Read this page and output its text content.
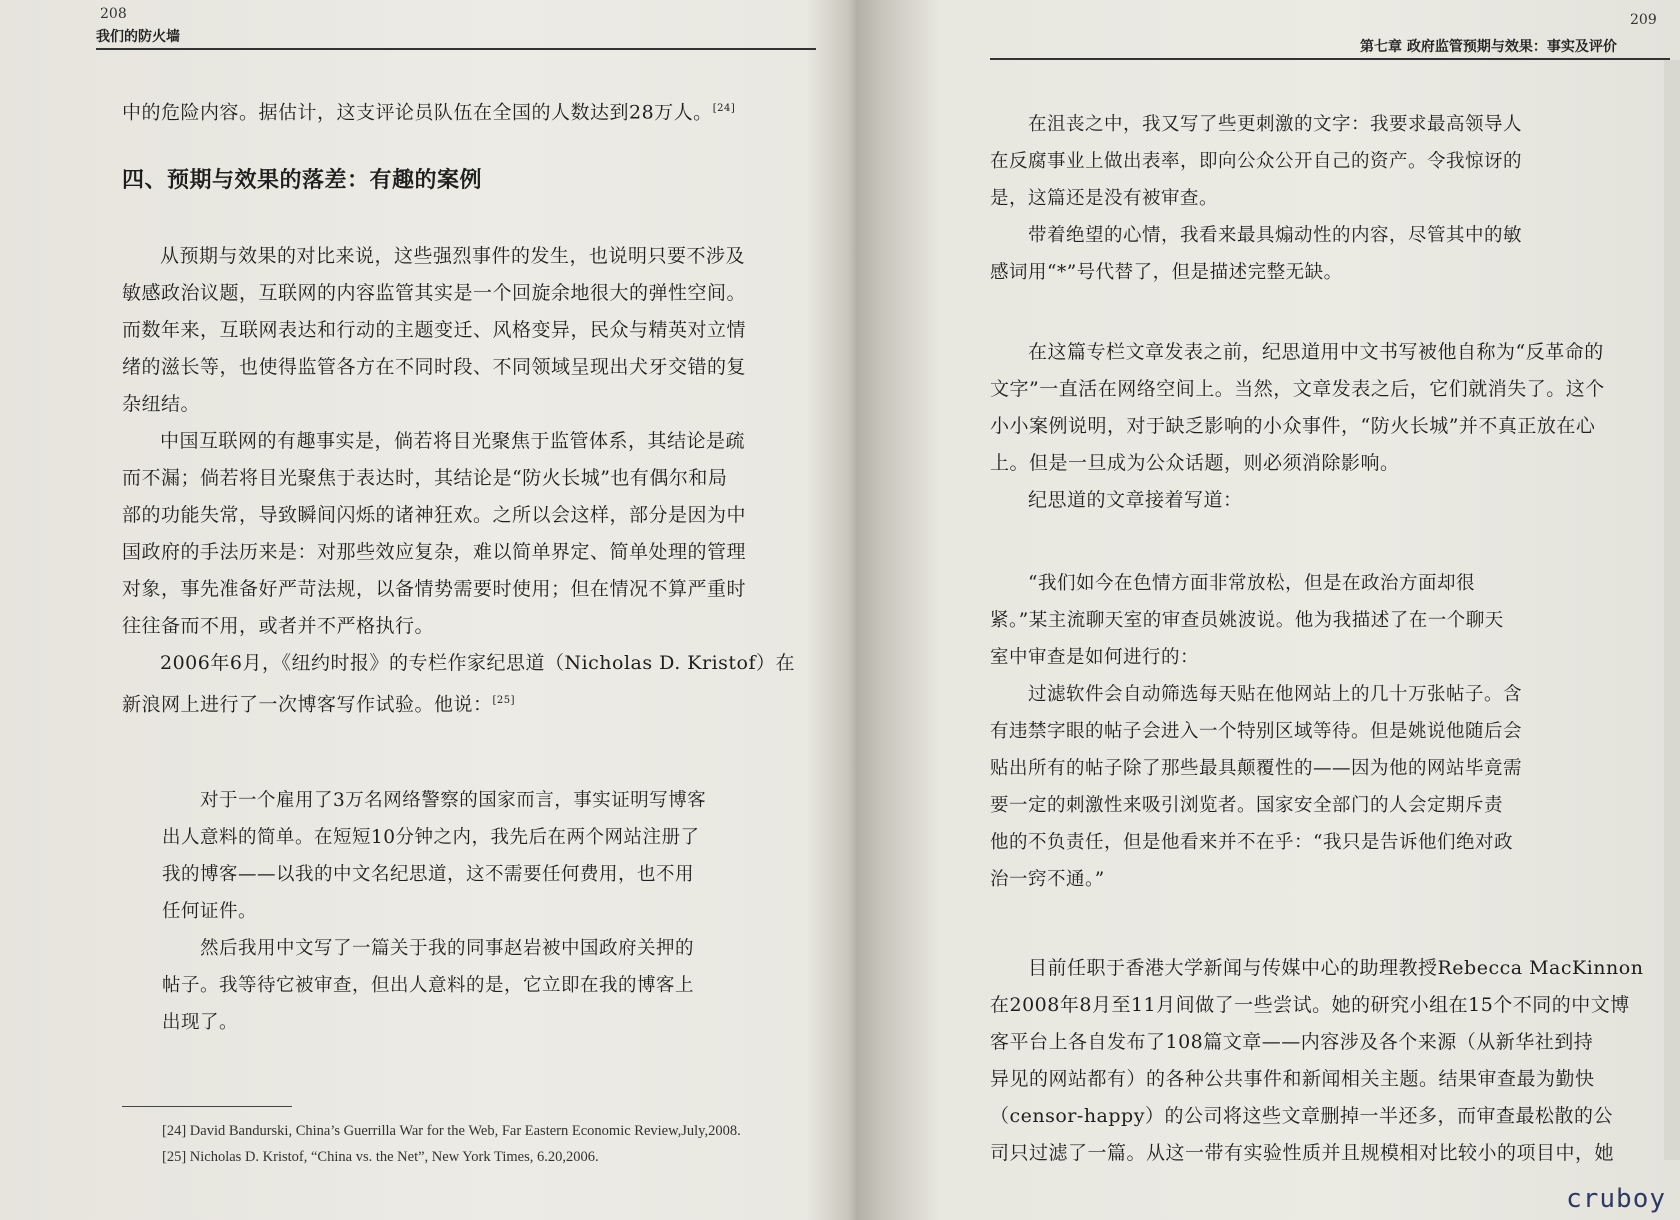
208
我们的防火墙
中的危险内容。据估计，这支评论员队伍在全国的人数达到28万人。[24]
四、预期与效果的落差：有趣的案例
从预期与效果的对比来说，这些强烈事件的发生，也说明只要不涉及
敏感政治议题，互联网的内容监管其实是一个回旋余地很大的弹性空间。
而数年来，互联网表达和行动的主题变迁、风格变异，民众与精英对立情
绪的滋长等，也使得监管各方在不同时段、不同领域呈现出犬牙交错的复
杂纽结。
中国互联网的有趣事实是，倘若将目光聚焦于监管体系，其结论是疏
而不漏；倘若将目光聚焦于表达时，其结论是“防火长城”也有偶尔和局
部的功能失常，导致瞬间闪烁的诸神狂欢。之所以会这样，部分是因为中
国政府的手法历来是：对那些效应复杂，难以简单界定、简单处理的管理
对象，事先准备好严苛法规，以备情势需要时使用；但在情况不算严重时
往往备而不用，或者并不严格执行。
2006年6月，《纽约时报》的专栏作家纪思道（Nicholas D. Kristof）在
新浪网上进行了一次博客写作试验。他说：[25]
对于一个雇用了3万名网络警察的国家而言，事实证明写博客
出人意料的简单。在短短10分钟之内，我先后在两个网站注册了
我的博客——以我的中文名纪思道，这不需要任何费用，也不用
任何证件。
然后我用中文写了一篇关于我的同事赵岩被中国政府关押的
帖子。我等待它被审查，但出人意料的是，它立即在我的博客上
出现了。
[24] David Bandurski, China’s Guerrilla War for the Web, Far Eastern Economic Review,July,2008.
[25] Nicholas D. Kristof, “China vs. the Net”, New York Times, 6.20,2006.
209
第七章 政府监管预期与效果：事实及评价
在沮丧之中，我又写了些更刺激的文字：我要求最高领导人
在反腐事业上做出表率，即向公众公开自己的资产。令我惊讶的
是，这篇还是没有被审查。
带着绝望的心情，我看来最具煽动性的内容，尽管其中的敏
感词用“*”号代替了，但是描述完整无缺。
在这篇专栏文章发表之前，纪思道用中文书写被他自称为“反革命的
文字”一直活在网络空间上。当然，文章发表之后，它们就消失了。这个
小小案例说明，对于缺乏影响的小众事件，“防火长城”并不真正放在心
上。但是一旦成为公众话题，则必须消除影响。
纪思道的文章接着写道：
“我们如今在色情方面非常放松，但是在政治方面却很
紧。”某主流聊天室的审查员姚波说。他为我描述了在一个聊天
室中审查是如何进行的：
过滤软件会自动筛选每天贴在他网站上的几十万张帖子。含
有违禁字眼的帖子会进入一个特别区域等待。但是姚说他随后会
贴出所有的帖子除了那些最具颠覆性的——因为他的网站毕竟需
要一定的刺激性来吸引浏览者。国家安全部门的人会定期斥责
他的不负责任，但是他看来并不在乎：“我只是告诉他们绝对政
治一窍不通。”
目前任职于香港大学新闻与传媒中心的助理教授Rebecca MacKinnon
在2008年8月至11月间做了一些尝试。她的研究小组在15个不同的中文博
客平台上各自发布了108篇文章——内容涉及各个来源（从新华社到持
异见的网站都有）的各种公共事件和新闻相关主题。结果审查最为勤快
（censor-happy）的公司将这些文章删掉一半还多，而审查最松散的公
司只过滤了一篇。从这一带有实验性质并且规模相对比较小的项目中，她
cruboy
